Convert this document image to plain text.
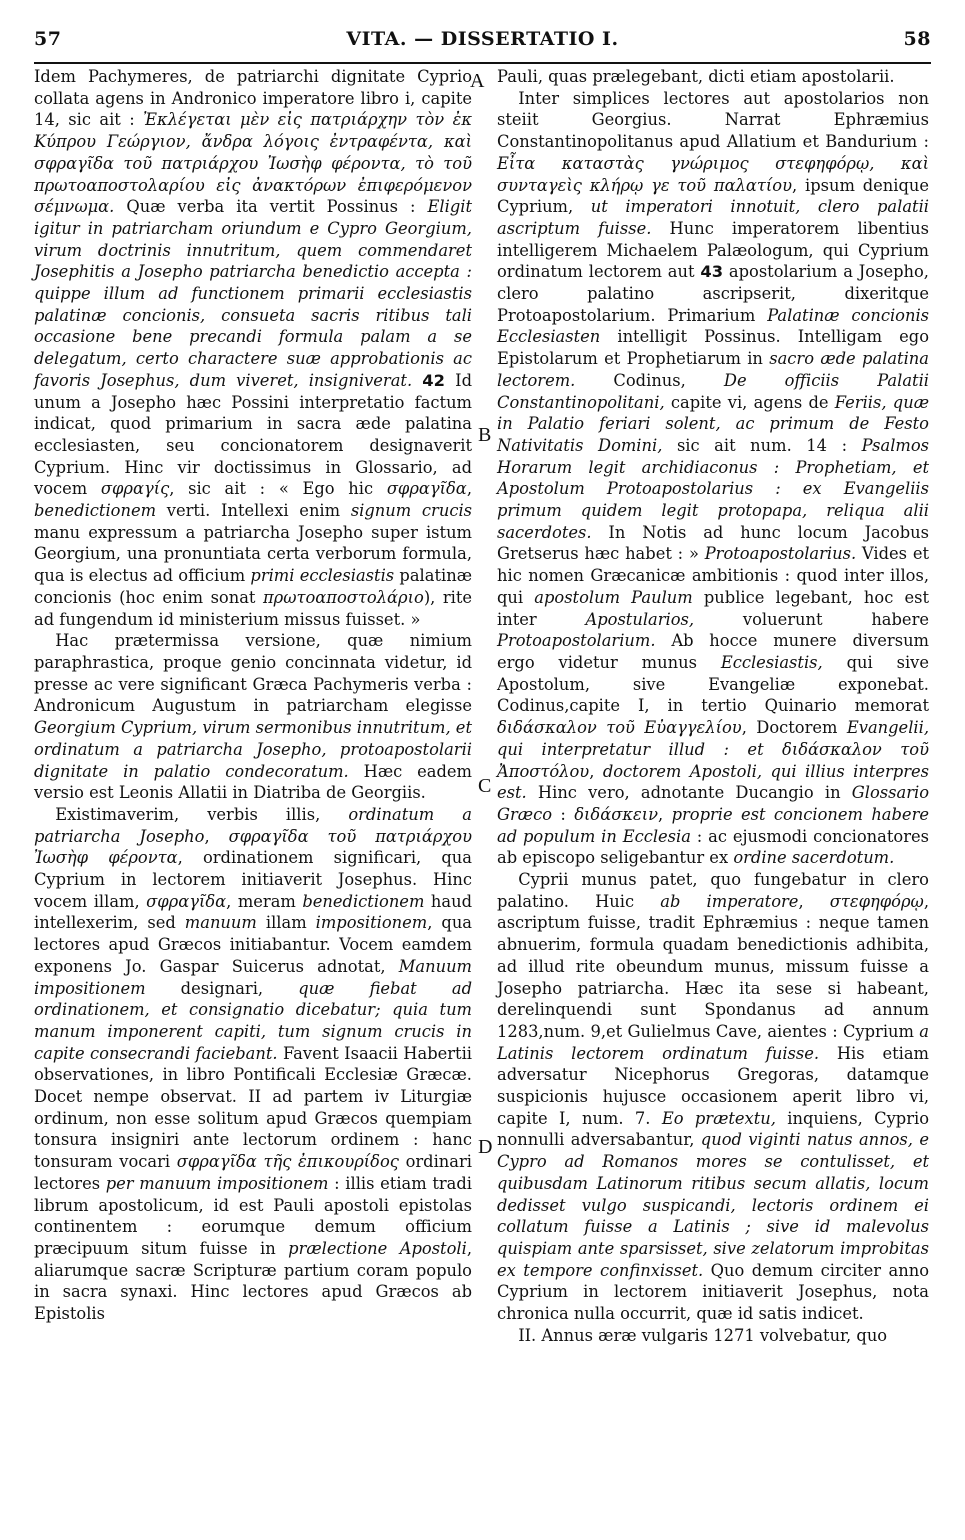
57	VITA. — DISSERTATIO I.	58
A
B
C
D

Idem Pachymeres, de patriarchi dignitate Cyprio collata agens in Andronico imperatore libro i, capite 14, sic ait : Ἐκλέγεται μὲν εἰς πατριάρχην τὸν ἐκ Κύπρου Γεώργιον, ἄνδρα λόγοις ἐντραφέντα, καὶ σφραγῖδα τοῦ πατριάρχου Ἰωσὴφ φέροντα, τὸ τοῦ πρωτοαποστολαρίου εἰς ἀνακτόρων ἐπιφερόμενον σέμνωμα. Quæ verba ita vertit Possinus : Eligit igitur in patriarcham oriundum e Cypro Georgium, virum doctrinis innutritum, quem commendaret Josephitis a Josepho patriarcha benedictio accepta : quippe illum ad functionem primarii ecclesiastis palatinæ concionis, consueta sacris ritibus tali occasione bene precandi formula palam a se delegatum, certo charactere suæ approbationis ac favoris Josephus, dum viveret, insigniverat. 42 Id unum a Josepho hæc Possini interpretatio factum indicat, quod primarium in sacra æde palatina ecclesiasten, seu concionatorem designaverit Cyprium. Hinc vir doctissimus in Glossario, ad vocem σφραγίς, sic ait : « Ego hic σφραγῖδα, benedictionem verti. Intellexi enim signum crucis manu expressum a patriarcha Josepho super istum Georgium, una pronuntiata certa verborum formula, qua is electus ad officium primi ecclesiastis palatinæ concionis (hoc enim sonat πρωτοαποστολάριο), rite ad fungendum id ministerium missus fuisset. »

Hac prætermissa versione, quæ nimium paraphrastica, proque genio concinnata videtur, id presse ac vere significant Græca Pachymeris verba : Andronicum Augustum in patriarcham elegisse Georgium Cyprium, virum sermonibus innutritum, et ordinatum a patriarcha Josepho, protoapostolarii dignitate in palatio condecoratum. Hæc eadem versio est Leonis Allatii in Diatriba de Georgiis.

Existimaverim, verbis illis, ordinatum a patriarcha Josepho, σφραγῖδα τοῦ πατριάρχου Ἰωσὴφ φέροντα, ordinationem significari, qua Cyprium in lectorem initiaverit Josephus. Hinc vocem illam, σφραγῖδα, meram benedictionem haud intellexerim, sed manuum illam impositionem, qua lectores apud Græcos initiabantur. Vocem eamdem exponens Jo. Gaspar Suicerus adnotat, Manuum impositionem designari, quæ fiebat ad ordinationem, et consignatio dicebatur; quia tum manum imponerent capiti, tum signum crucis in capite consecrandi faciebant. Favent Isaacii Habertii observationes, in libro Pontificali Ecclesiæ Græcæ. Docet nempe observat. II ad partem iv Liturgiæ ordinum, non esse solitum apud Græcos quempiam tonsura insigniri ante lectorum ordinem : hanc tonsuram vocari σφραγῖδα τῆς ἐπικουρίδος ordinari lectores per manuum impositionem : illis etiam tradi librum apostolicum, id est Pauli apostoli epistolas continentem : eorumque demum officium præcipuum situm fuisse in prælectione Apostoli, aliarumque sacræ Scripturæ partium coram populo in sacra synaxi. Hinc lectores apud Græcos ab Epistolis

Pauli, quas prælegebant, dicti etiam apostolarii.

Inter simplices lectores aut apostolarios non steiit Georgius. Narrat Ephræmius Constantinopolitanus apud Allatium et Bandurium : Εἶτα καταστὰς γνώριμος στεφηφόρῳ, καὶ συνταγεὶς κλήρῳ γε τοῦ παλατίου, ipsum denique Cyprium, ut imperatori innotuit, clero palatii ascriptum fuisse. Hunc imperatorem libentius intelligerem Michaelem Palæologum, qui Cyprium ordinatum lectorem aut 43 apostolarium a Josepho, clero palatino ascripserit, dixeritque Protoapostolarium. Primarium Palatinæ concionis Ecclesiasten intelligit Possinus. Intelligam ego Epistolarum et Prophetiarum in sacro æde palatina lectorem. Codinus, De officiis Palatii Constantinopolitani, capite vi, agens de Feriis, quæ in Palatio feriari solent, ac primum de Festo Nativitatis Domini, sic ait num. 14 : Psalmos Horarum legit archidiaconus : Prophetiam, et Apostolum Protoapostolarius : ex Evangeliis primum quidem legit protopapa, reliqua alii sacerdotes. In Notis ad hunc locum Jacobus Gretserus hæc habet : » Protoapostolarius. Vides et hic nomen Græcanicæ ambitionis : quod inter illos, qui apostolum Paulum publice legebant, hoc est inter Apostularios, voluerunt habere Protoapostolarium. Ab hocce munere diversum ergo videtur munus Ecclesiastis, qui sive Apostolum, sive Evangeliæ exponebat. Codinus,capite I, in tertio Quinario memorat διδάσκαλον τοῦ Εὐαγγελίου, Doctorem Evangelii, qui interpretatur illud : et διδάσκαλον τοῦ Ἀποστόλου, doctorem Apostoli, qui illius interpres est. Hinc vero, adnotante Ducangio in Glossario Græco : διδάσκειν, proprie est concionem habere ad populum in Ecclesia : ac ejusmodi concionatores ab episcopo seligebantur ex ordine sacerdotum.

Cyprii munus patet, quo fungebatur in clero palatino. Huic ab imperatore, στεφηφόρῳ, ascriptum fuisse, tradit Ephræmius : neque tamen abnuerim, formula quadam benedictionis adhibita, ad illud rite obeundum munus, missum fuisse a Josepho patriarcha. Hæc ita sese si habeant, derelinquendi sunt Spondanus ad annum 1283,num. 9,et Gulielmus Cave, aientes : Cyprium a Latinis lectorem ordinatum fuisse. His etiam adversatur Nicephorus Gregoras, datamque suspicionis hujusce occasionem aperit libro vi, capite I, num. 7. Eo prætextu, inquiens, Cyprio nonnulli adversabantur, quod viginti natus annos, e Cypro ad Romanos mores se contulisset, et quibusdam Latinorum ritibus secum allatis, locum dedisset vulgo suspicandi, lectoris ordinem ei collatum fuisse a Latinis ; sive id malevolus quispiam ante sparsisset, sive zelatorum improbitas ex tempore confinxisset. Quo demum circiter anno Cyprium in lectorem initiaverit Josephus, nota chronica nulla occurrit, quæ id satis indicet.

II. Annus æræ vulgaris 1271 volvebatur, quo
